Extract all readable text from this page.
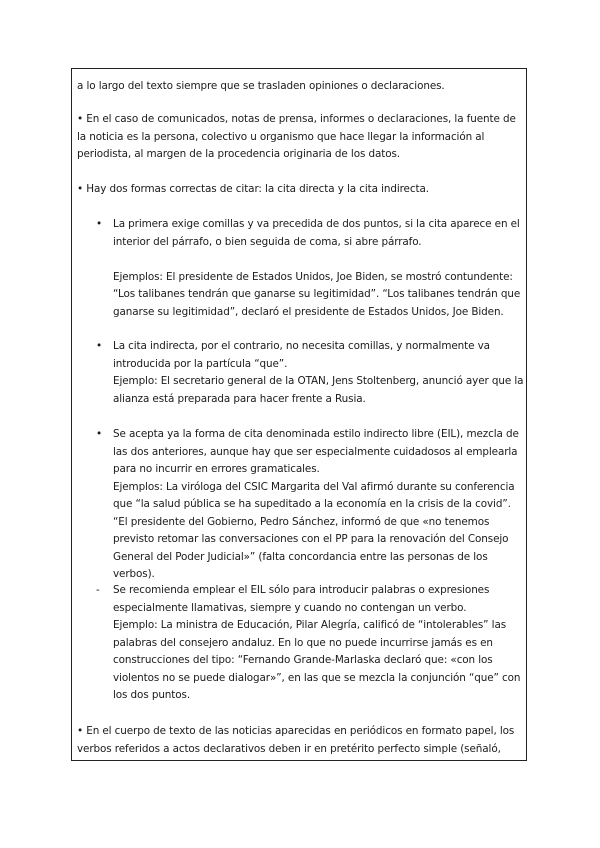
a lo largo del texto siempre que se trasladen opiniones o declaraciones.
• En el caso de comunicados, notas de prensa, informes o declaraciones, la fuente de la noticia es la persona, colectivo u organismo que hace llegar la información al periodista, al margen de la procedencia originaria de los datos.
• Hay dos formas correctas de citar: la cita directa y la cita indirecta.
• La primera exige comillas y va precedida de dos puntos, si la cita aparece en el interior del párrafo, o bien seguida de coma, si abre párrafo.
Ejemplos: El presidente de Estados Unidos, Joe Biden, se mostró contundente: “Los talibanes tendrán que ganarse su legitimidad”. “Los talibanes tendrán que ganarse su legitimidad”, declaró el presidente de Estados Unidos, Joe Biden.
• La cita indirecta, por el contrario, no necesita comillas, y normalmente va introducida por la partícula “que”.
Ejemplo: El secretario general de la OTAN, Jens Stoltenberg, anunció ayer que la alianza está preparada para hacer frente a Rusia.
• Se acepta ya la forma de cita denominada estilo indirecto libre (EIL), mezcla de las dos anteriores, aunque hay que ser especialmente cuidadosos al emplearla para no incurrir en errores gramaticales.
Ejemplos: La viróloga del CSIC Margarita del Val afirmó durante su conferencia que “la salud pública se ha supeditado a la economía en la crisis de la covid”. “El presidente del Gobierno, Pedro Sánchez, informó de que «no tenemos previsto retomar las conversaciones con el PP para la renovación del Consejo General del Poder Judicial»” (falta concordancia entre las personas de los verbos).
- Se recomienda emplear el EIL sólo para introducir palabras o expresiones especialmente llamativas, siempre y cuando no contengan un verbo.
Ejemplo: La ministra de Educación, Pilar Alegría, calificó de “intolerables” las palabras del consejero andaluz. En lo que no puede incurrirse jamás es en construcciones del tipo: “Fernando Grande-Marlaska declaró que: «con los violentos no se puede dialogar»”, en las que se mezcla la conjunción “que” con los dos puntos.
• En el cuerpo de texto de las noticias aparecidas en periódicos en formato papel, los verbos referidos a actos declarativos deben ir en pretérito perfecto simple (señaló,
